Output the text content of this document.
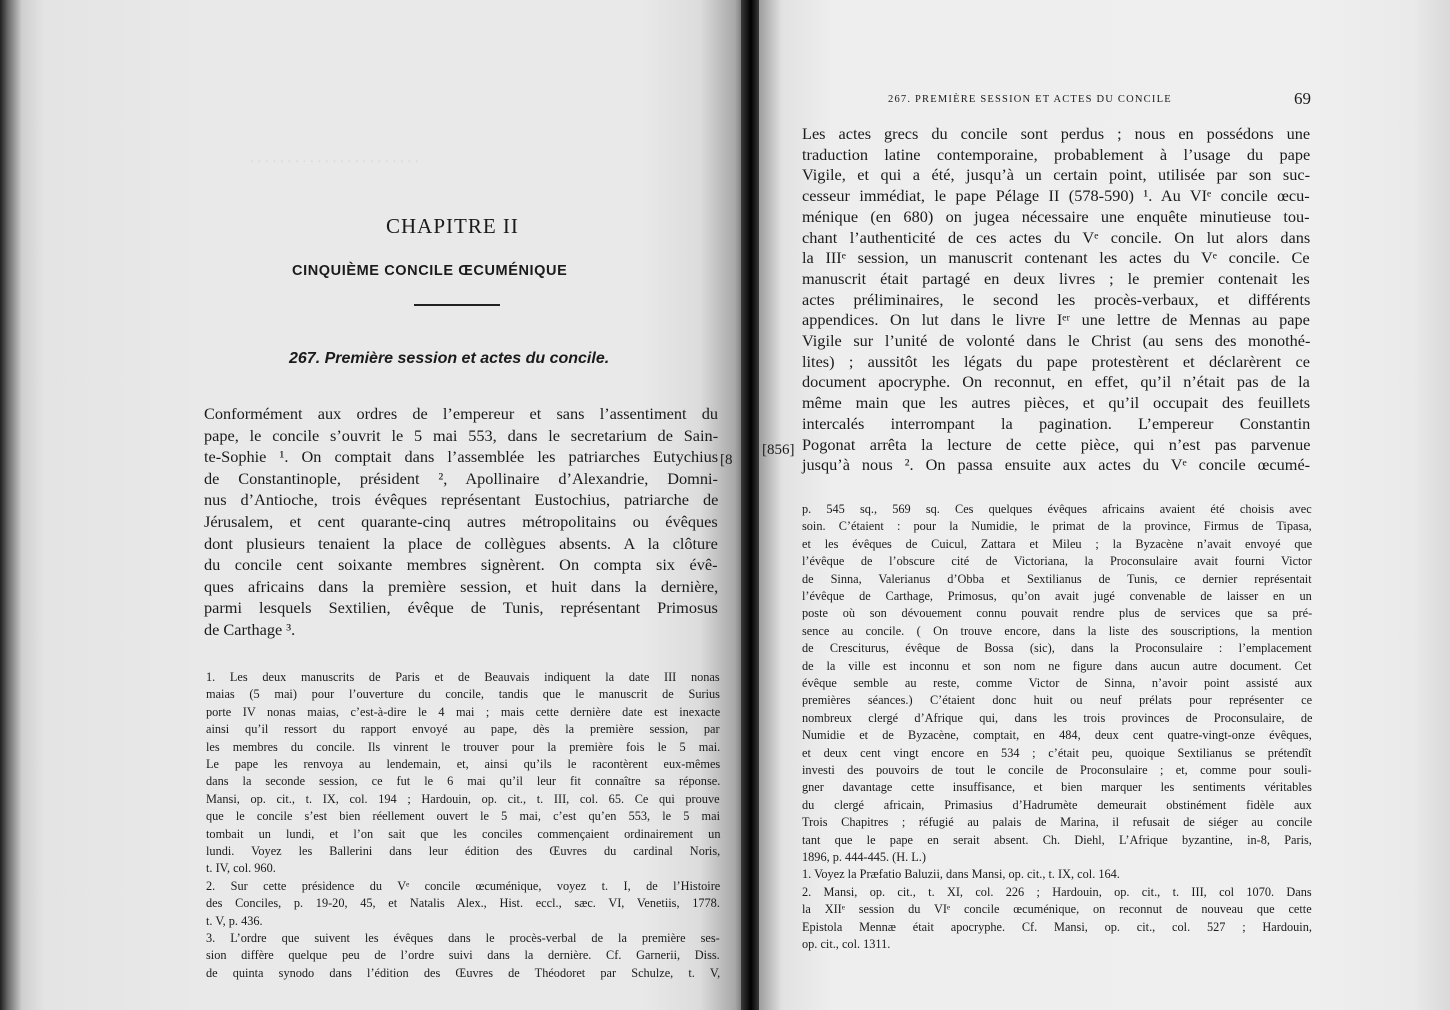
. . . . . . . . . . . . . . . . . . . . . . .
CHAPITRE II
CINQUIÈME CONCILE ŒCUMÉNIQUE
267. Première session et actes du concile.
Conformément aux ordres de l’empereur et sans l’assentiment du
pape, le concile s’ouvrit le 5 mai 553, dans le secretarium de Sain-
te-Sophie ¹. On comptait dans l’assemblée les patriarches Eutychius
de Constantinople, président ², Apollinaire d’Alexandrie, Domni-
nus d’Antioche, trois évêques représentant Eustochius, patriarche de
Jérusalem, et cent quarante-cinq autres métropolitains ou évêques
dont plusieurs tenaient la place de collègues absents. A la clôture
du concile cent soixante membres signèrent. On compta six évê-
ques africains dans la première session, et huit dans la dernière,
parmi lesquels Sextilien, évêque de Tunis, représentant Primosus
de Carthage ³.
1. Les deux manuscrits de Paris et de Beauvais indiquent la date III nonas
maias (5 mai) pour l’ouverture du concile, tandis que le manuscrit de Surius
porte IV nonas maias, c’est-à-dire le 4 mai ; mais cette dernière date est inexacte
ainsi qu’il ressort du rapport envoyé au pape, dès la première session, par
les membres du concile. Ils vinrent le trouver pour la première fois le 5 mai.
Le pape les renvoya au lendemain, et, ainsi qu’ils le racontèrent eux-mêmes
dans la seconde session, ce fut le 6 mai qu’il leur fit connaître sa réponse.
Mansi, op. cit., t. IX, col. 194 ; Hardouin, op. cit., t. III, col. 65. Ce qui prouve
que le concile s’est bien réellement ouvert le 5 mai, c’est qu’en 553, le 5 mai
tombait un lundi, et l’on sait que les conciles commençaient ordinairement un
lundi. Voyez les Ballerini dans leur édition des Œuvres du cardinal Noris,
t. IV, col. 960.
2. Sur cette présidence du Vᵉ concile œcuménique, voyez t. I, de l’Histoire
des Conciles, p. 19-20, 45, et Natalis Alex., Hist. eccl., sæc. VI, Venetiis, 1778.
t. V, p. 436.
3. L’ordre que suivent les évêques dans le procès-verbal de la première ses-
sion diffère quelque peu de l’ordre suivi dans la dernière. Cf. Garnerii, Diss.
de quinta synodo dans l’édition des Œuvres de Théodoret par Schulze, t. V,
[8
267. PREMIÈRE SESSION ET ACTES DU CONCILE	69
[856]
Les actes grecs du concile sont perdus ; nous en possédons une
traduction latine contemporaine, probablement à l’usage du pape
Vigile, et qui a été, jusqu’à un certain point, utilisée par son suc-
cesseur immédiat, le pape Pélage II (578-590) ¹. Au VIᵉ concile œcu-
ménique (en 680) on jugea nécessaire une enquête minutieuse tou-
chant l’authenticité de ces actes du Vᵉ concile. On lut alors dans
la IIIᵉ session, un manuscrit contenant les actes du Vᵉ concile. Ce
manuscrit était partagé en deux livres ; le premier contenait les
actes préliminaires, le second les procès-verbaux, et différents
appendices. On lut dans le livre Iᵉʳ une lettre de Mennas au pape
Vigile sur l’unité de volonté dans le Christ (au sens des monothé-
lites) ; aussitôt les légats du pape protestèrent et déclarèrent ce
document apocryphe. On reconnut, en effet, qu’il n’était pas de la
même main que les autres pièces, et qu’il occupait des feuillets
intercalés interrompant la pagination. L’empereur Constantin
Pogonat arrêta la lecture de cette pièce, qui n’est pas parvenue
jusqu’à nous ². On passa ensuite aux actes du Vᵉ concile œcumé-
p. 545 sq., 569 sq. Ces quelques évêques africains avaient été choisis avec
soin. C’étaient : pour la Numidie, le primat de la province, Firmus de Tipasa,
et les évêques de Cuicul, Zattara et Mileu ; la Byzacène n’avait envoyé que
l’évêque de l’obscure cité de Victoriana, la Proconsulaire avait fourni Victor
de Sinna, Valerianus d’Obba et Sextilianus de Tunis, ce dernier représentait
l’évêque de Carthage, Primosus, qu’on avait jugé convenable de laisser en un
poste où son dévouement connu pouvait rendre plus de services que sa pré-
sence au concile. ( On trouve encore, dans la liste des souscriptions, la mention
de Cresciturus, évêque de Bossa (sic), dans la Proconsulaire : l’emplacement
de la ville est inconnu et son nom ne figure dans aucun autre document. Cet
évêque semble au reste, comme Victor de Sinna, n’avoir point assisté aux
premières séances.) C’étaient donc huit ou neuf prélats pour représenter ce
nombreux clergé d’Afrique qui, dans les trois provinces de Proconsulaire, de
Numidie et de Byzacène, comptait, en 484, deux cent quatre-vingt-onze évêques,
et deux cent vingt encore en 534 ; c’était peu, quoique Sextilianus se prétendît
investi des pouvoirs de tout le concile de Proconsulaire ; et, comme pour souli-
gner davantage cette insuffisance, et bien marquer les sentiments véritables
du clergé africain, Primasius d’Hadrumète demeurait obstinément fidèle aux
Trois Chapitres ; réfugié au palais de Marina, il refusait de siéger au concile
tant que le pape en serait absent. Ch. Diehl, L’Afrique byzantine, in-8, Paris,
1896, p. 444-445. (H. L.)
1. Voyez la Præfatio Baluzii, dans Mansi, op. cit., t. IX, col. 164.
2. Mansi, op. cit., t. XI, col. 226 ; Hardouin, op. cit., t. III, col 1070. Dans
la XIIᵉ session du VIᵉ concile œcuménique, on reconnut de nouveau que cette
Epistola Mennæ était apocryphe. Cf. Mansi, op. cit., col. 527 ; Hardouin,
op. cit., col. 1311.
